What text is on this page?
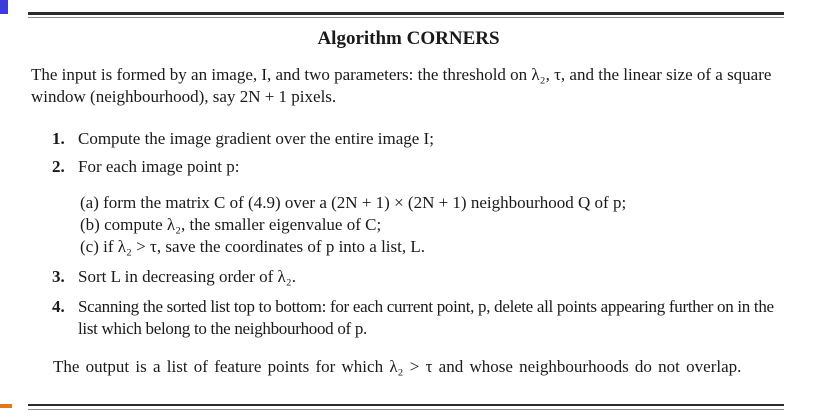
Algorithm CORNERS
The input is formed by an image, I, and two parameters: the threshold on λ₂, τ, and the linear size of a square window (neighbourhood), say 2N + 1 pixels.
1. Compute the image gradient over the entire image I;
2. For each image point p:
(a) form the matrix C of (4.9) over a (2N + 1) × (2N + 1) neighbourhood Q of p;
(b) compute λ₂, the smaller eigenvalue of C;
(c) if λ₂ > τ, save the coordinates of p into a list, L.
3. Sort L in decreasing order of λ₂.
4. Scanning the sorted list top to bottom: for each current point, p, delete all points appearing further on in the list which belong to the neighbourhood of p.
The output is a list of feature points for which λ₂ > τ and whose neighbourhoods do not overlap.
